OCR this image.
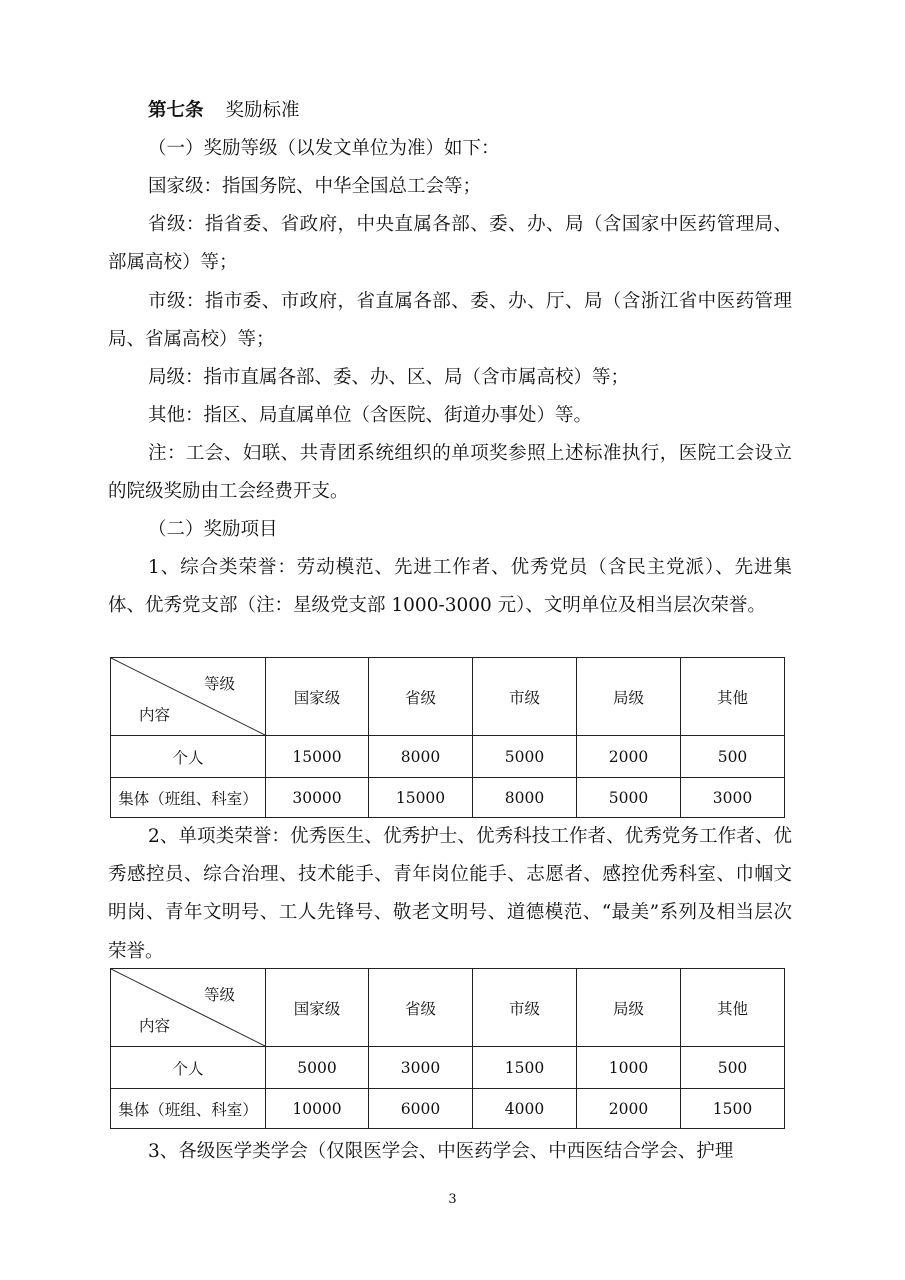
第七条 奖励标准

（一）奖励等级（以发文单位为准）如下：

国家级：指国务院、中华全国总工会等；

省级：指省委、省政府，中央直属各部、委、办、局（含国家中医药管理局、部属高校）等；

市级：指市委、市政府，省直属各部、委、办、厅、局（含浙江省中医药管理局、省属高校）等；

局级：指市直属各部、委、办、区、局（含市属高校）等；

其他：指区、局直属单位（含医院、街道办事处）等。

注：工会、妇联、共青团系统组织的单项奖参照上述标准执行，医院工会设立的院级奖励由工会经费开支。

（二）奖励项目

1、综合类荣誉：劳动模范、先进工作者、优秀党员（含民主党派）、先进集体、优秀党支部（注：星级党支部 1000-3000 元）、文明单位及相当层次荣誉。

等级
内容	国家级	省级	市级	局级	其他
个人	15000	8000	5000	2000	500
集体（班组、科室）	30000	15000	8000	5000	3000

2、单项类荣誉：优秀医生、优秀护士、优秀科技工作者、优秀党务工作者、优秀感控员、综合治理、技术能手、青年岗位能手、志愿者、感控优秀科室、巾帼文明岗、青年文明号、工人先锋号、敬老文明号、道德模范、“最美”系列及相当层次荣誉。

等级
内容	国家级	省级	市级	局级	其他
个人	5000	3000	1500	1000	500
集体（班组、科室）	10000	6000	4000	2000	1500

3、各级医学类学会（仅限医学会、中医药学会、中西医结合学会、护理

3
